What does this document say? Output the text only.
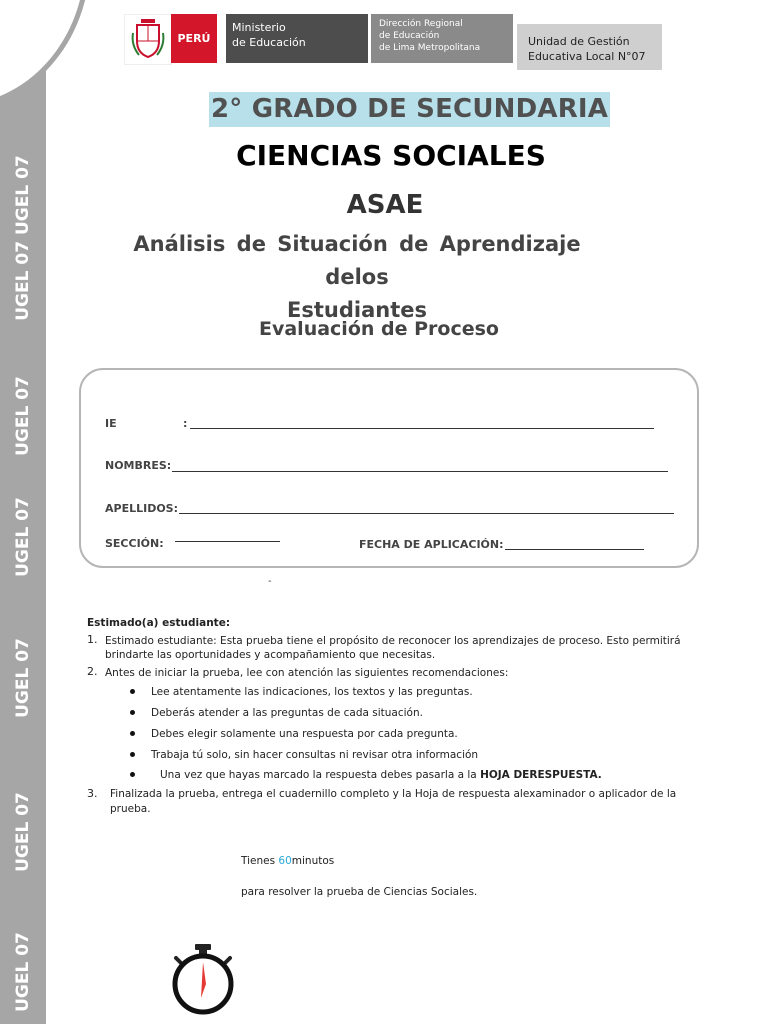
UGEL 07 UGEL 07
UGEL 07
UGEL 07
UGEL 07
UGEL 07
UGEL 07
PERÚ
Ministerio
de Educación
Dirección Regional
de Educación
de Lima Metropolitana	Unidad de Gestión
Educativa Local N°07
2° GRADO DE SECUNDARIA
CIENCIAS SOCIALES
ASAE
Análisis de Situación de Aprendizaje delos
Estudiantes
Evaluación de Proceso
IE	:
NOMBRES:
APELLIDOS:
SECCIÓN:	FECHA DE APLICACIÓN:
-
Estimado(a) estudiante:
1. Estimado estudiante: Esta prueba tiene el propósito de reconocer los aprendizajes de proceso. Esto permitirá
brindarte las oportunidades y acompañamiento que necesitas.
2. Antes de iniciar la prueba, lee con atención las siguientes recomendaciones:
Lee atentamente las indicaciones, los textos y las preguntas.
Deberás atender a las preguntas de cada situación.
Debes elegir solamente una respuesta por cada pregunta.
Trabaja tú solo, sin hacer consultas ni revisar otra información
Una vez que hayas marcado la respuesta debes pasarla a la HOJA DERESPUESTA.
3. Finalizada la prueba, entrega el cuadernillo completo y la Hoja de respuesta alexaminador o aplicador de la
prueba.
Tienes 60minutos
para resolver la prueba de Ciencias Sociales.
